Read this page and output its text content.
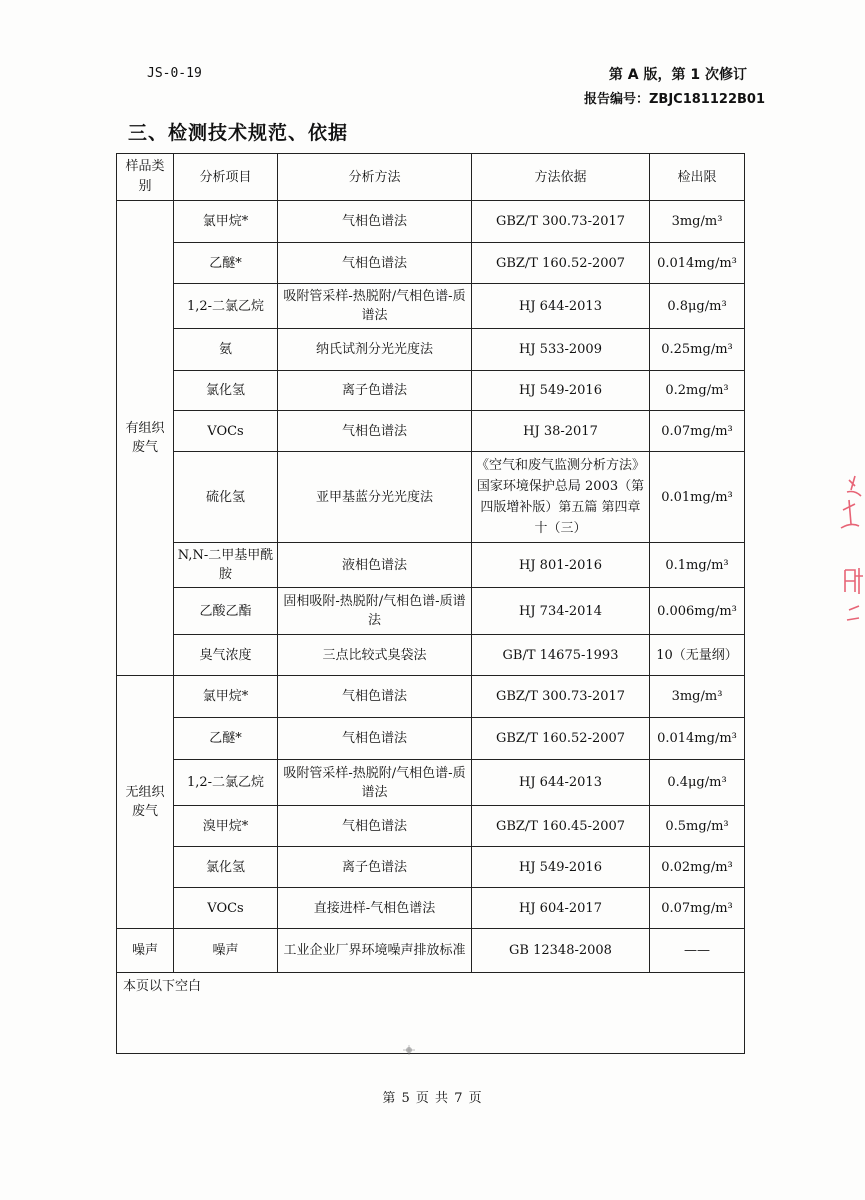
JS-0-19	第 A 版，第 1 次修订
报告编号：ZBJC181122B01
三、检测技术规范、依据
样品类别	分析项目	分析方法	方法依据	检出限
有组织废气	氯甲烷*	气相色谱法	GBZ/T 300.73-2017	3mg/m³
	乙醚*	气相色谱法	GBZ/T 160.52-2007	0.014mg/m³
	1,2-二氯乙烷	吸附管采样-热脱附/气相色谱-质谱法	HJ 644-2013	0.8μg/m³
	氨	纳氏试剂分光光度法	HJ 533-2009	0.25mg/m³
	氯化氢	离子色谱法	HJ 549-2016	0.2mg/m³
	VOCs	气相色谱法	HJ 38-2017	0.07mg/m³
	硫化氢	亚甲基蓝分光光度法	《空气和废气监测分析方法》国家环境保护总局 2003（第四版增补版）第五篇 第四章 十（三）	0.01mg/m³
	N,N-二甲基甲酰胺	液相色谱法	HJ 801-2016	0.1mg/m³
	乙酸乙酯	固相吸附-热脱附/气相色谱-质谱法	HJ 734-2014	0.006mg/m³
	臭气浓度	三点比较式臭袋法	GB/T 14675-1993	10（无量纲）
无组织废气	氯甲烷*	气相色谱法	GBZ/T 300.73-2017	3mg/m³
	乙醚*	气相色谱法	GBZ/T 160.52-2007	0.014mg/m³
	1,2-二氯乙烷	吸附管采样-热脱附/气相色谱-质谱法	HJ 644-2013	0.4μg/m³
	溴甲烷*	气相色谱法	GBZ/T 160.45-2007	0.5mg/m³
	氯化氢	离子色谱法	HJ 549-2016	0.02mg/m³
	VOCs	直接进样-气相色谱法	HJ 604-2017	0.07mg/m³
噪声	噪声	工业企业厂界环境噪声排放标准	GB 12348-2008	——
本页以下空白				
第 5 页 共 7 页
